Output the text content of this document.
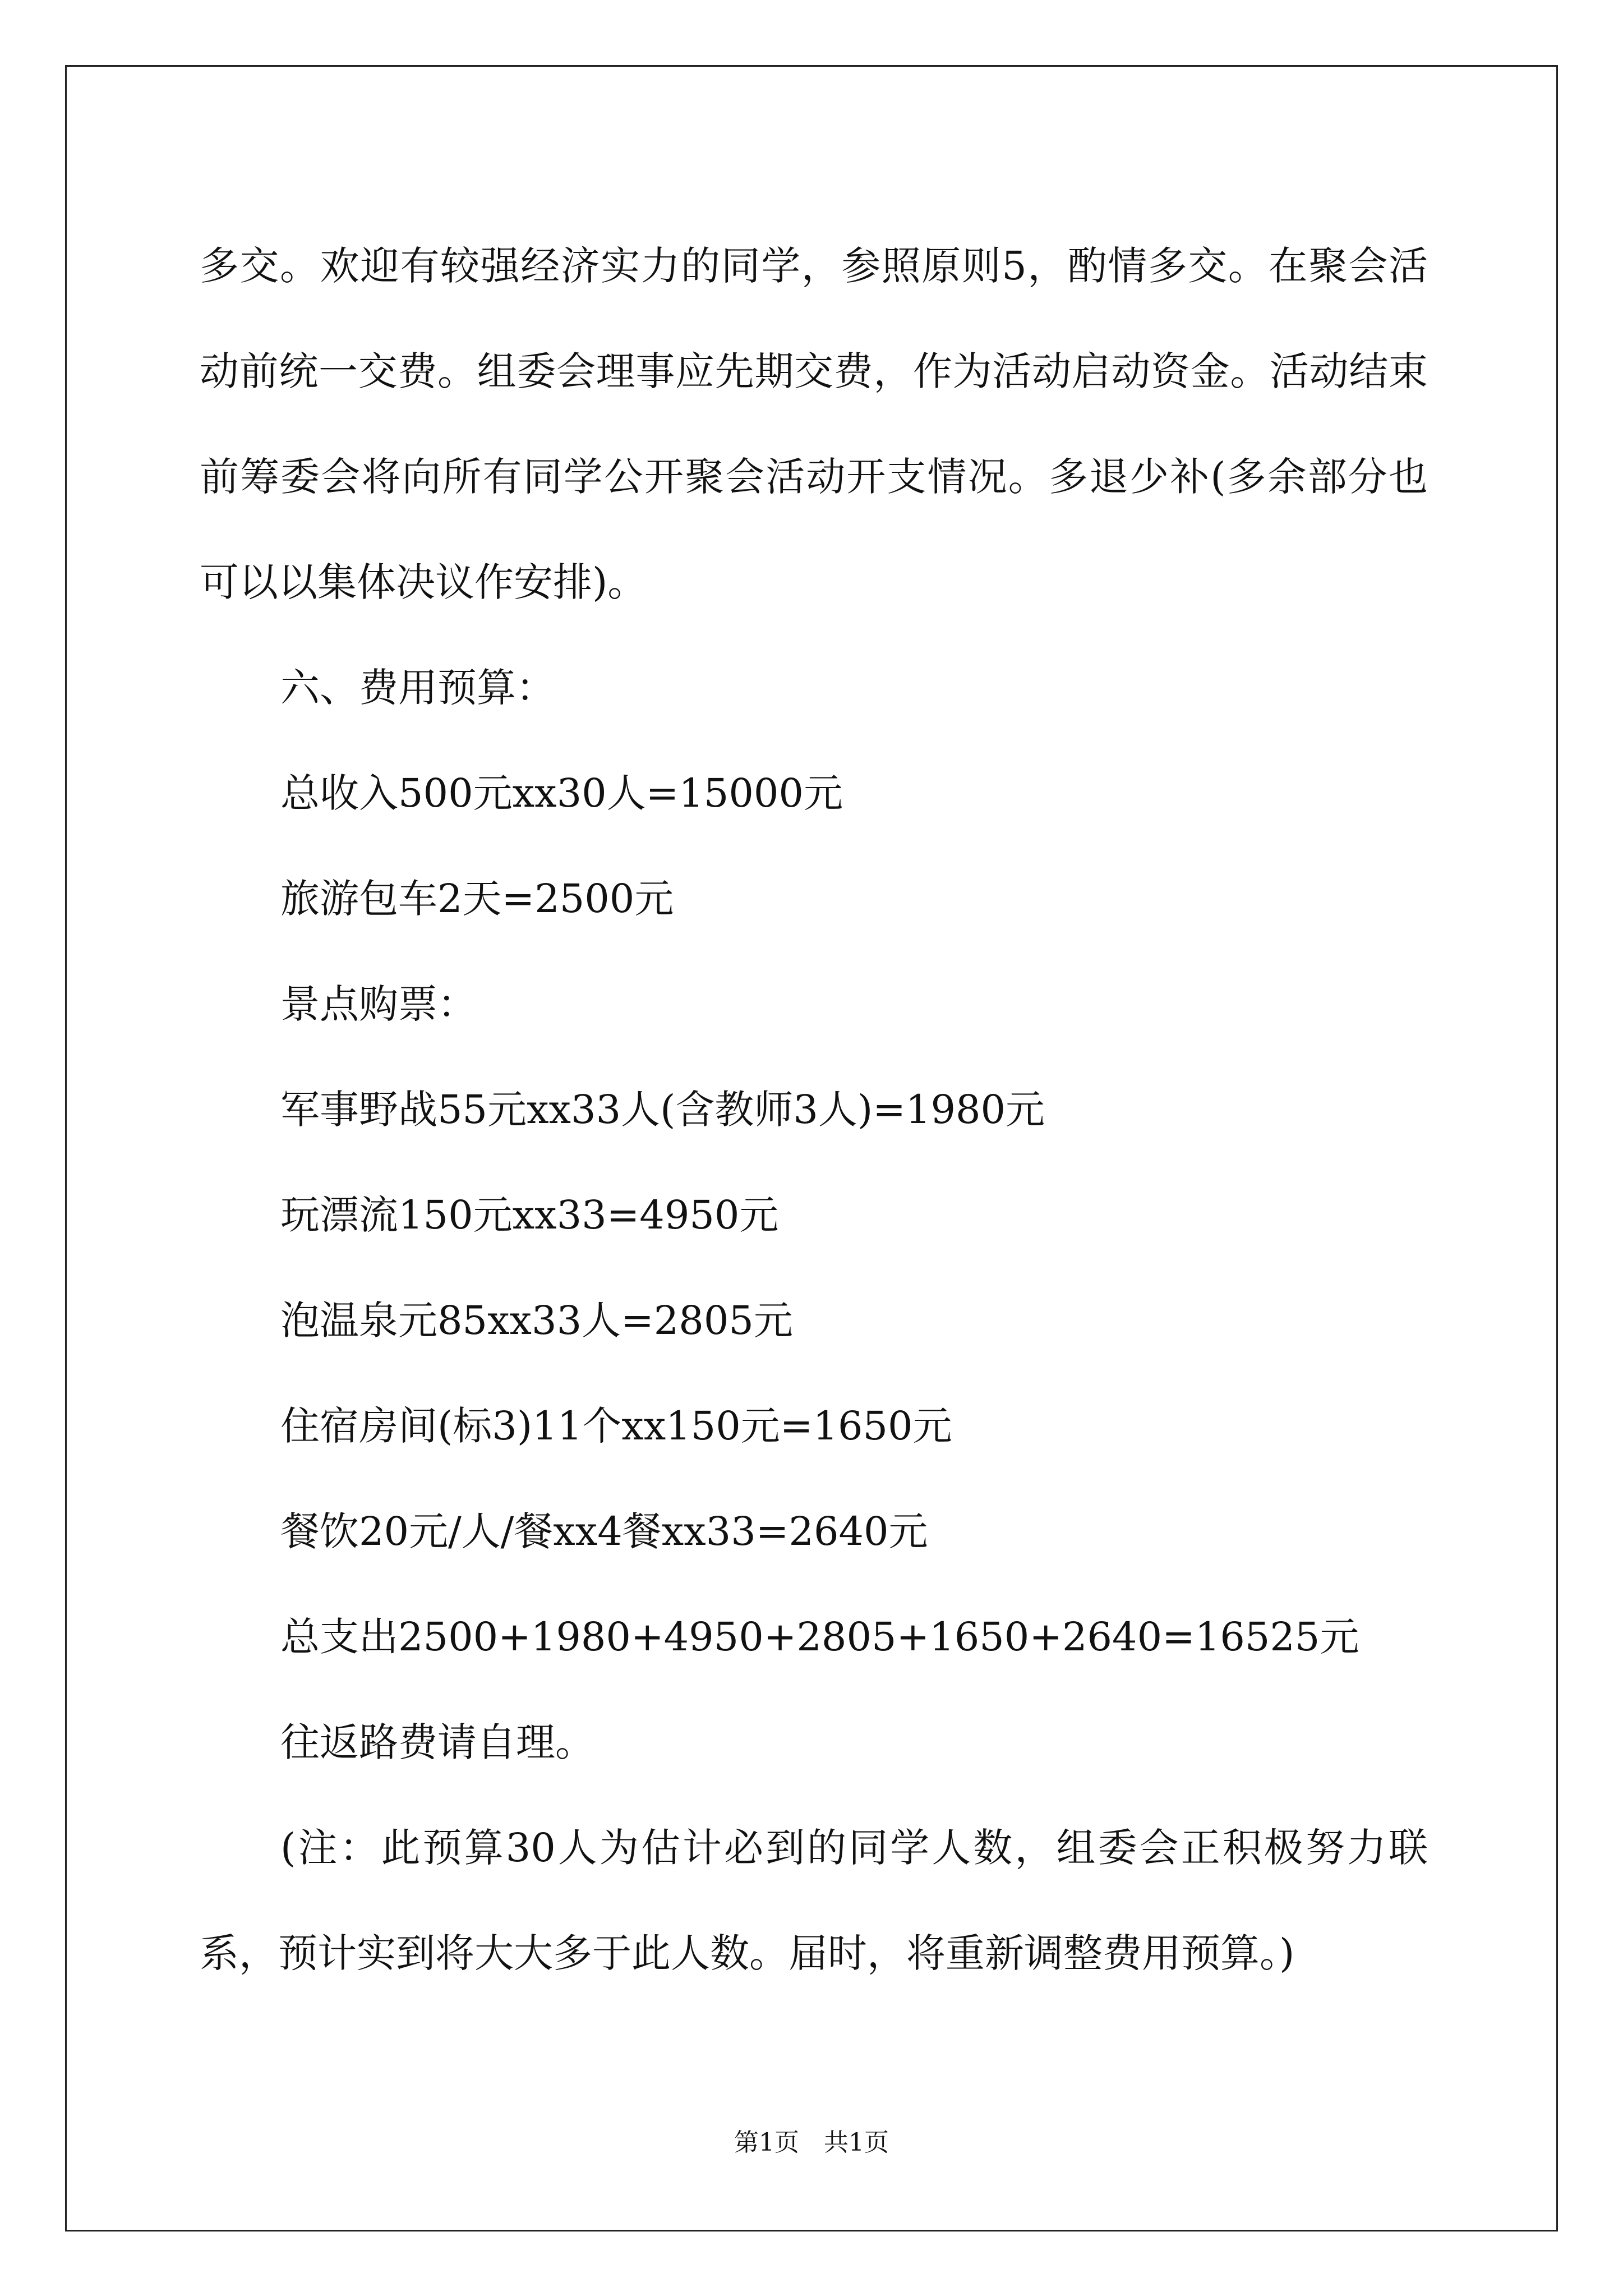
多交。欢迎有较强经济实力的同学，参照原则5，酌情多交。在聚会活动前统一交费。组委会理事应先期交费，作为活动启动资金。活动结束前筹委会将向所有同学公开聚会活动开支情况。多退少补(多余部分也可以以集体决议作安排)。

六、费用预算：

总收入500元xx30人=15000元

旅游包车2天=2500元

景点购票：

军事野战55元xx33人(含教师3人)=1980元

玩漂流150元xx33=4950元

泡温泉元85xx33人=2805元

住宿房间(标3)11个xx150元=1650元

餐饮20元/人/餐xx4餐xx33=2640元

总支出2500+1980+4950+2805+1650+2640=16525元

往返路费请自理。

(注：此预算30人为估计必到的同学人数，组委会正积极努力联系，预计实到将大大多于此人数。届时，将重新调整费用预算。)

第1页　共1页
